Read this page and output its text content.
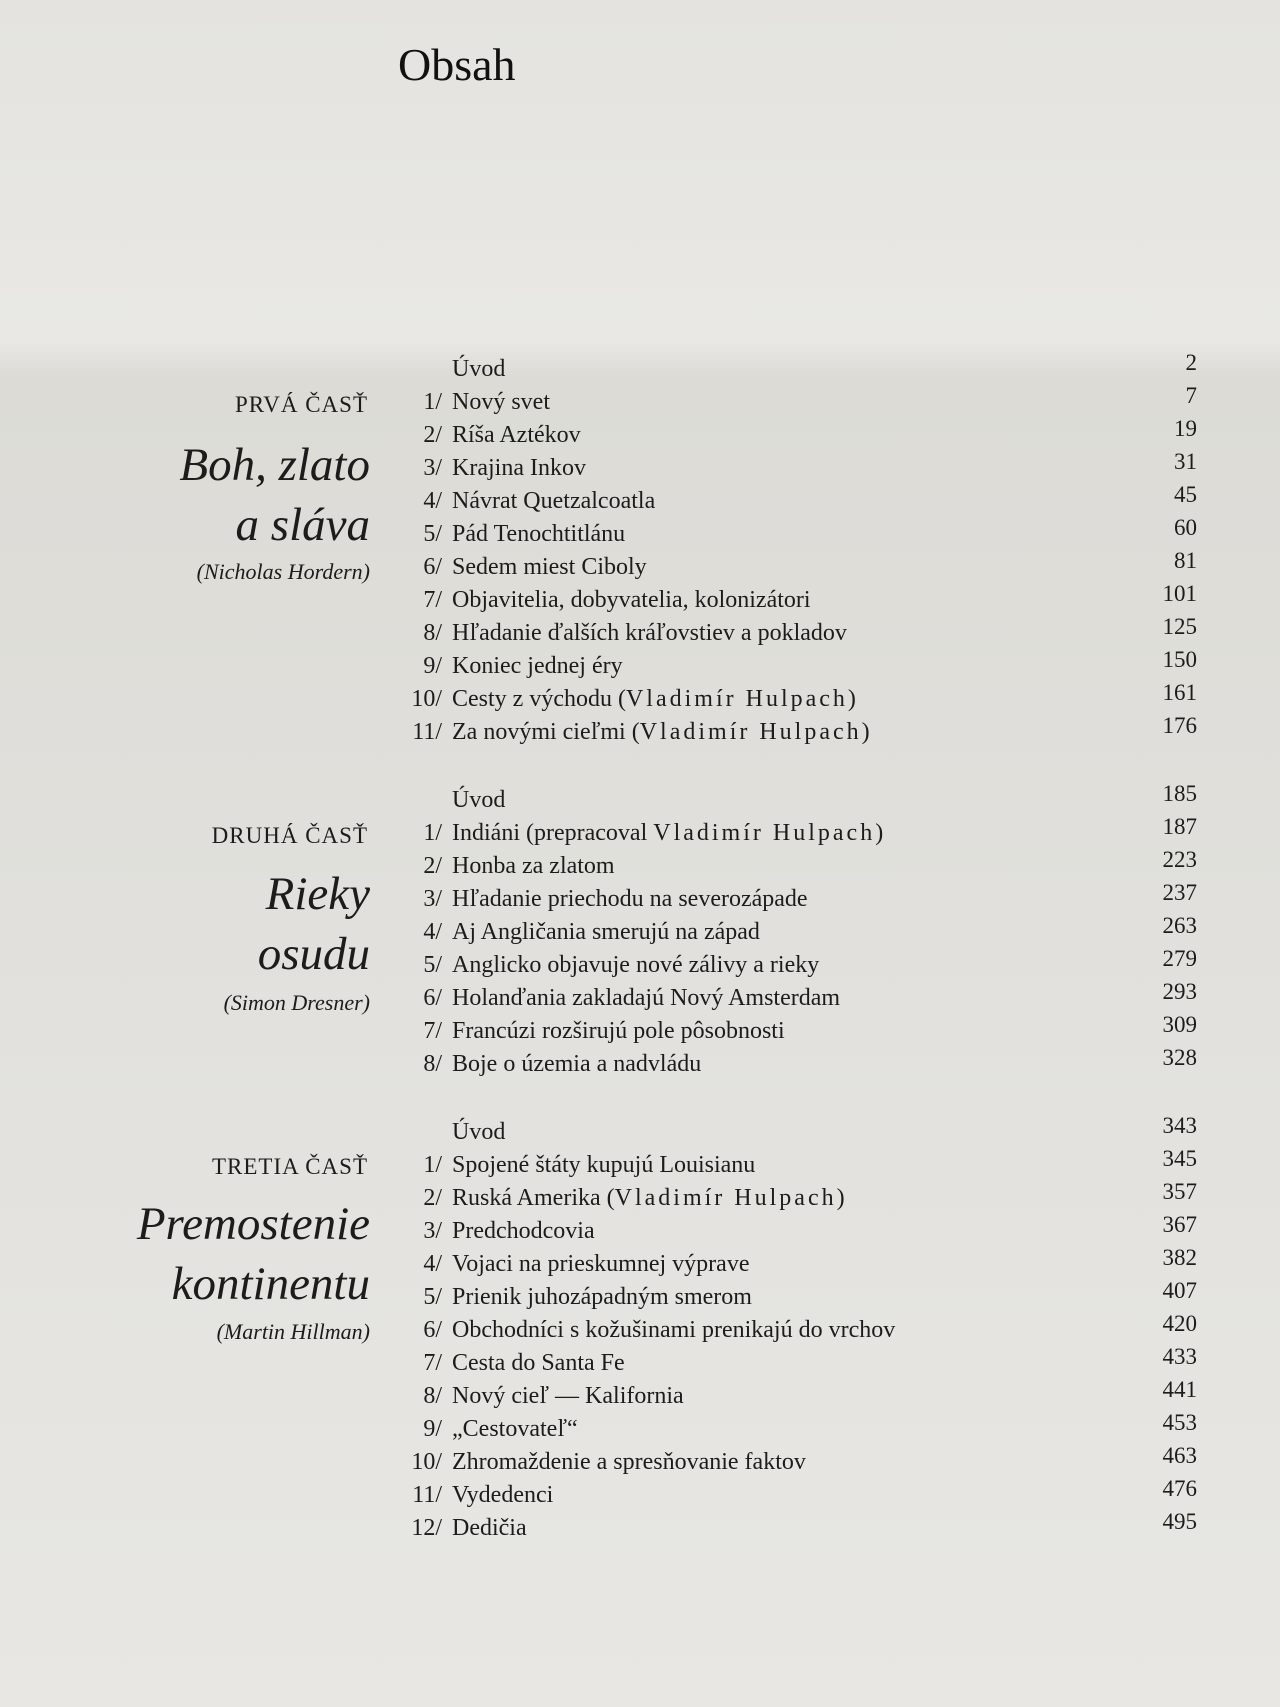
Obsah
PRVÁ ČASŤ
Boh, zlato
a sláva
(Nicholas Hordern)
Úvod	2
1/ Nový svet	7
2/ Ríša Aztékov	19
3/ Krajina Inkov	31
4/ Návrat Quetzalcoatla	45
5/ Pád Tenochtitlánu	60
6/ Sedem miest Ciboly	81
7/ Objavitelia, dobyvatelia, kolonizátori	101
8/ Hľadanie ďalších kráľovstiev a pokladov	125
9/ Koniec jednej éry	150
10/ Cesty z východu (Vladimír Hulpach)	161
11/ Za novými cieľmi (Vladimír Hulpach)	176
DRUHÁ ČASŤ
Rieky
osudu
(Simon Dresner)
Úvod	185
1/ Indiáni (prepracoval Vladimír Hulpach)	187
2/ Honba za zlatom	223
3/ Hľadanie priechodu na severozápade	237
4/ Aj Angličania smerujú na západ	263
5/ Anglicko objavuje nové zálivy a rieky	279
6/ Holanďania zakladajú Nový Amsterdam	293
7/ Francúzi rozširujú pole pôsobnosti	309
8/ Boje o územia a nadvládu	328
TRETIA ČASŤ
Premostenie
kontinentu
(Martin Hillman)
Úvod	343
1/ Spojené štáty kupujú Louisianu	345
2/ Ruská Amerika (Vladimír Hulpach)	357
3/ Predchodcovia	367
4/ Vojaci na prieskumnej výprave	382
5/ Prienik juhozápadným smerom	407
6/ Obchodníci s kožušinami prenikajú do vrchov	420
7/ Cesta do Santa Fe	433
8/ Nový cieľ — Kalifornia	441
9/ „Cestovateľ“	453
10/ Zhromaždenie a spresňovanie faktov	463
11/ Vydedenci	476
12/ Dedičia	495
